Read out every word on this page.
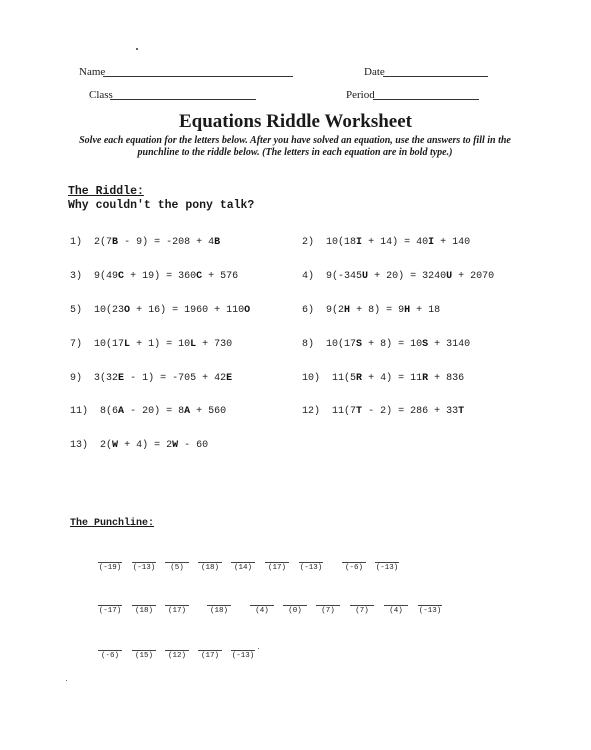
Name	Date
Class	Period
Equations Riddle Worksheet
Solve each equation for the letters below. After you have solved an equation, use the answers to fill in the punchline to the riddle below. (The letters in each equation are in bold type.)
The Riddle:
Why couldn't the pony talk?
1) 2(7B - 9) = -208 + 4B	2) 10(18I + 14) = 40I + 140
3) 9(49C + 19) = 360C + 576	4) 9(-345U + 20) = 3240U + 2070
5) 10(23O + 16) = 1960 + 110O	6) 9(2H + 8) = 9H + 18
7) 10(17L + 1) = 10L + 730	8) 10(17S + 8) = 10S + 3140
9) 3(32E - 1) = -705 + 42E	10) 11(5R + 4) = 11R + 836
11) 8(6A - 20) = 8A + 560	12) 11(7T - 2) = 286 + 33T
13) 2(W + 4) = 2W - 60
The Punchline:
(-19) (-13)	(5)	(18)	(14)	(17)	(-13)	(-6)	(-13)
(-17)	(18)	(17)	(18)	(4)	(0)	(7)	(7)	(4)	(-13)
(-6)	(15)	(12)	(17)	(-13)
